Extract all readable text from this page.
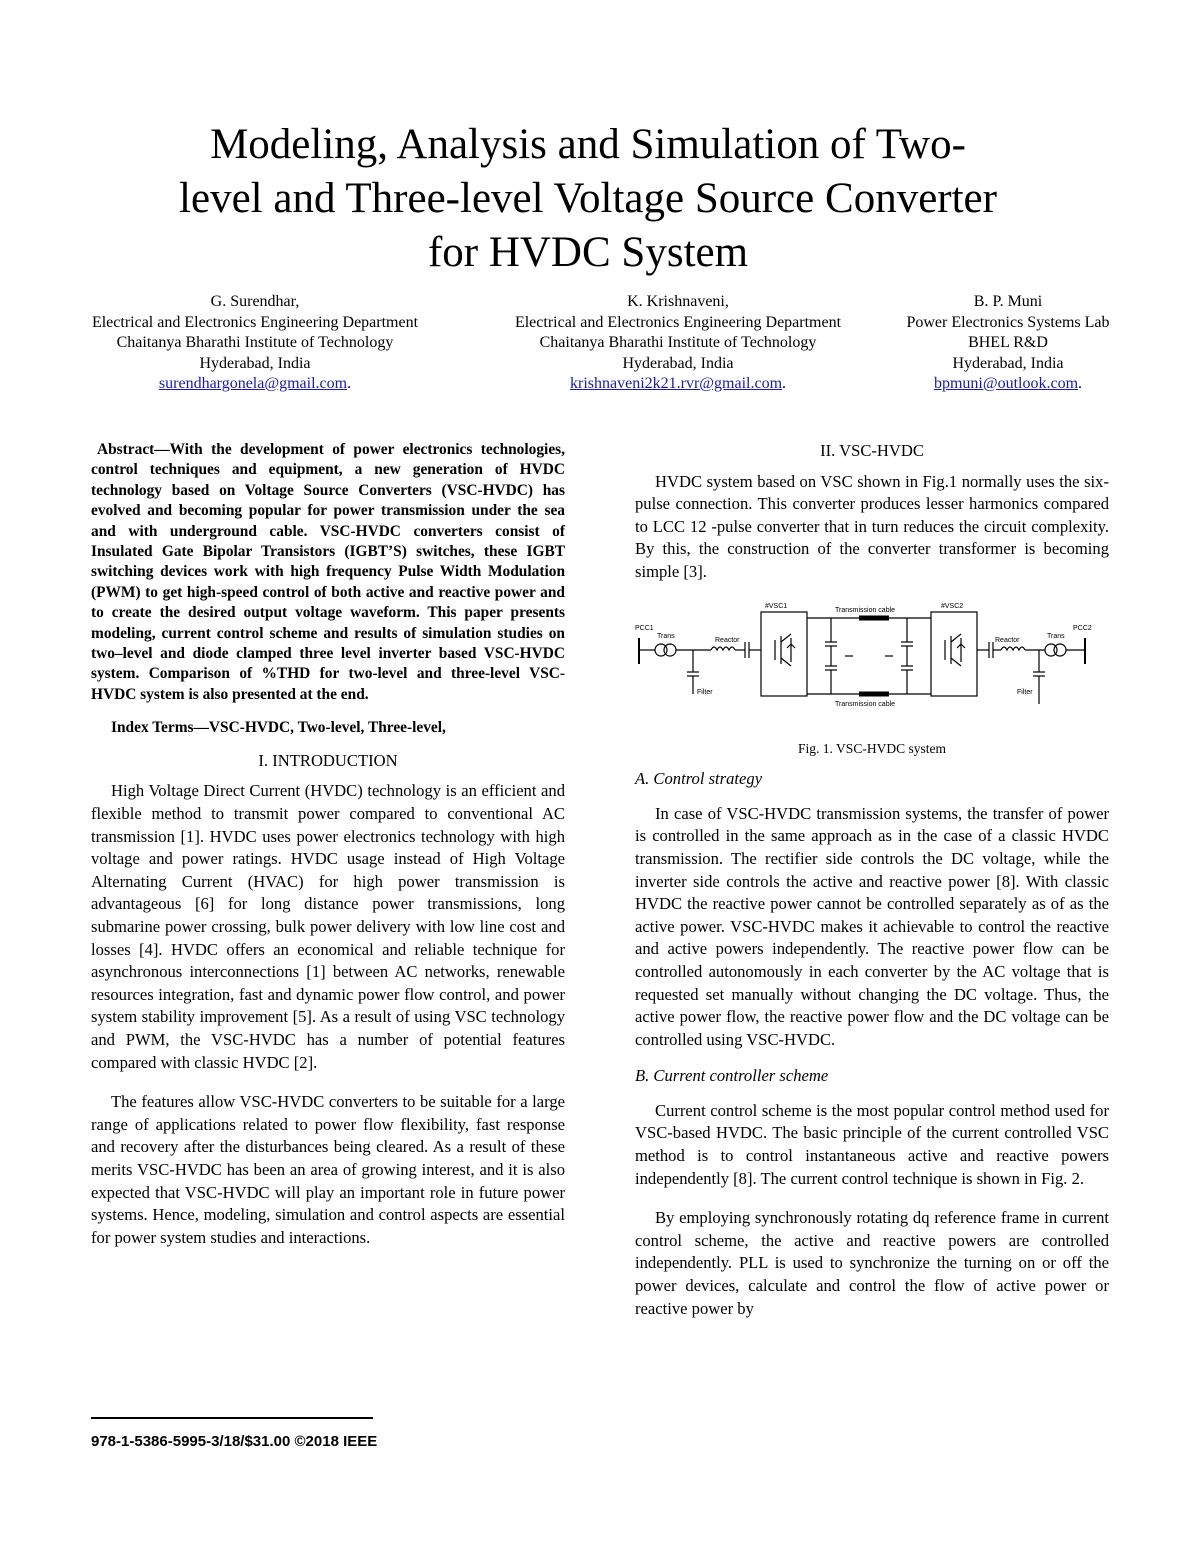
Modeling, Analysis and Simulation of Two-
level and Three-level Voltage Source Converter
for HVDC System
G. Surendhar,
Electrical and Electronics Engineering Department
Chaitanya Bharathi Institute of Technology
Hyderabad, India
surendhargonela@gmail.com.
K. Krishnaveni,
Electrical and Electronics Engineering Department
Chaitanya Bharathi Institute of Technology
Hyderabad, India
krishnaveni2k21.rvr@gmail.com.
B. P. Muni
Power Electronics Systems Lab
BHEL R&D
Hyderabad, India
bpmuni@outlook.com.

Abstract—With the development of power electronics technologies, control techniques and equipment, a new generation of HVDC technology based on Voltage Source Converters (VSC-HVDC) has evolved and becoming popular for power transmission under the sea and with underground cable. VSC-HVDC converters consist of Insulated Gate Bipolar Transistors (IGBT’S) switches, these IGBT switching devices work with high frequency Pulse Width Modulation (PWM) to get high-speed control of both active and reactive power and to create the desired output voltage waveform. This paper presents modeling, current control scheme and results of simulation studies on two–level and diode clamped three level inverter based VSC-HVDC system. Comparison of %THD for two-level and three-level VSC-HVDC system is also presented at the end.

Index Terms—VSC-HVDC, Two-level, Three-level,

I. INTRODUCTION

High Voltage Direct Current (HVDC) technology is an efficient and flexible method to transmit power compared to conventional AC transmission [1]. HVDC uses power electronics technology with high voltage and power ratings. HVDC usage instead of High Voltage Alternating Current (HVAC) for high power transmission is advantageous [6] for long distance power transmissions, long submarine power crossing, bulk power delivery with low line cost and losses [4]. HVDC offers an economical and reliable technique for asynchronous interconnections [1] between AC networks, renewable resources integration, fast and dynamic power flow control, and power system stability improvement [5]. As a result of using VSC technology and PWM, the VSC-HVDC has a number of potential features compared with classic HVDC [2].

The features allow VSC-HVDC converters to be suitable for a large range of applications related to power flow flexibility, fast response and recovery after the disturbances being cleared. As a result of these merits VSC-HVDC has been an area of growing interest, and it is also expected that VSC-HVDC will play an important role in future power systems. Hence, modeling, simulation and control aspects are essential for power system studies and interactions.

978-1-5386-5995-3/18/$31.00 ©2018 IEEE
II. VSC-HVDC

HVDC system based on VSC shown in Fig.1 normally uses the six-pulse connection. This converter produces lesser harmonics compared to LCC 12 -pulse converter that in turn reduces the circuit complexity. By this, the construction of the converter transformer is becoming simple [3].

PCC1
Trans
Reactor
#VSC1
Transmission cable
#VSC2
Reactor
Trans
PCC2
Filter	Filter
Transmission cable
Fig. 1. VSC-HVDC system
A. Control strategy

In case of VSC-HVDC transmission systems, the transfer of power is controlled in the same approach as in the case of a classic HVDC transmission. The rectifier side controls the DC voltage, while the inverter side controls the active and reactive power [8]. With classic HVDC the reactive power cannot be controlled separately as of as the active power. VSC-HVDC makes it achievable to control the reactive and active powers independently. The reactive power flow can be controlled autonomously in each converter by the AC voltage that is requested set manually without changing the DC voltage. Thus, the active power flow, the reactive power flow and the DC voltage can be controlled using VSC-HVDC.

B. Current controller scheme

Current control scheme is the most popular control method used for VSC-based HVDC. The basic principle of the current controlled VSC method is to control instantaneous active and reactive powers independently [8]. The current control technique is shown in Fig. 2.

By employing synchronously rotating dq reference frame in current control scheme, the active and reactive powers are controlled independently. PLL is used to synchronize the turning on or off the power devices, calculate and control the flow of active power or reactive power by
